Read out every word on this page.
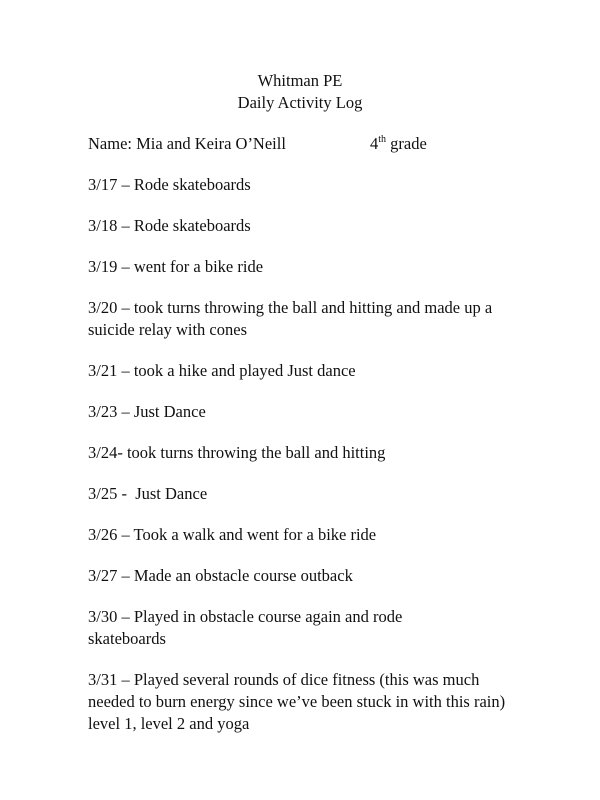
Whitman PE
Daily Activity Log
Name: Mia and Keira O’Neill	4th grade
3/17 – Rode skateboards
3/18 – Rode skateboards
3/19 – went for a bike ride
3/20 – took turns throwing the ball and hitting and made up a suicide relay with cones
3/21 – took a hike and played Just dance
3/23 – Just Dance
3/24- took turns throwing the ball and hitting
3/25 -  Just Dance
3/26 – Took a walk and went for a bike ride
3/27 – Made an obstacle course outback
3/30 – Played in obstacle course again and rode skateboards
3/31 – Played several rounds of dice fitness (this was much needed to burn energy since we’ve been stuck in with this rain) level 1, level 2 and yoga
